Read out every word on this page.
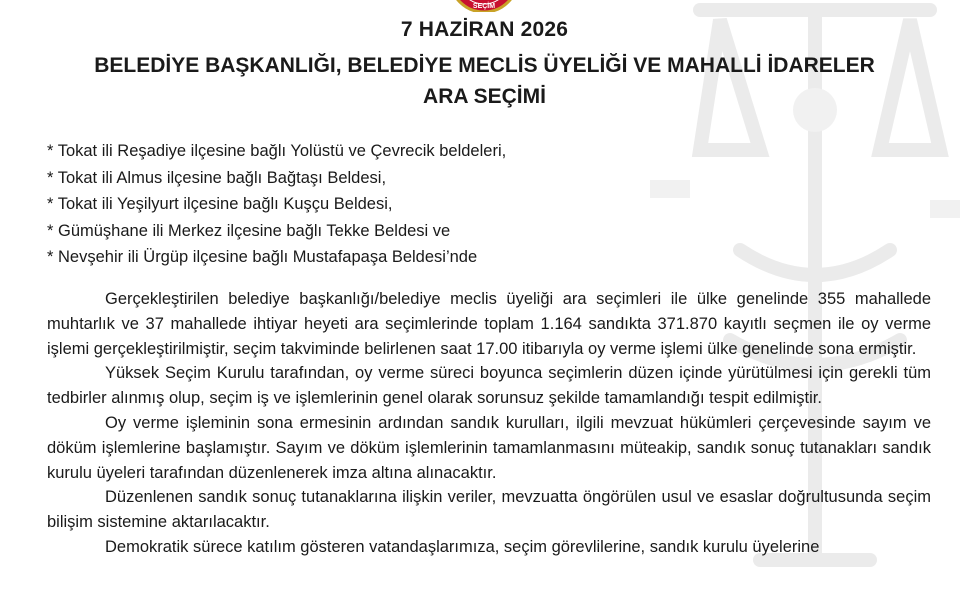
SEÇİM
7 HAZİRAN 2026
BELEDİYE BAŞKANLIĞI, BELEDİYE MECLİS ÜYELİĞİ VE MAHALLİ İDARELER
ARA SEÇİMİ
* Tokat ili Reşadiye ilçesine bağlı Yolüstü ve Çevrecik beldeleri,
* Tokat ili Almus ilçesine bağlı Bağtaşı Beldesi,
* Tokat ili Yeşilyurt ilçesine bağlı Kuşçu Beldesi,
* Gümüşhane ili Merkez ilçesine bağlı Tekke Beldesi ve
* Nevşehir ili Ürgüp ilçesine bağlı Mustafapaşa Beldesi’nde

Gerçekleştirilen belediye başkanlığı/belediye meclis üyeliği ara seçimleri ile ülke genelinde 355 mahallede muhtarlık ve 37 mahallede ihtiyar heyeti ara seçimlerinde toplam 1.164 sandıkta 371.870 kayıtlı seçmen ile oy verme işlemi gerçekleştirilmiştir, seçim takviminde belirlenen saat 17.00 itibarıyla oy verme işlemi ülke genelinde sona ermiştir.

Yüksek Seçim Kurulu tarafından, oy verme süreci boyunca seçimlerin düzen içinde yürütülmesi için gerekli tüm tedbirler alınmış olup, seçim iş ve işlemlerinin genel olarak sorunsuz şekilde tamamlandığı tespit edilmiştir.

Oy verme işleminin sona ermesinin ardından sandık kurulları, ilgili mevzuat hükümleri çerçevesinde sayım ve döküm işlemlerine başlamıştır. Sayım ve döküm işlemlerinin tamamlanmasını müteakip, sandık sonuç tutanakları sandık kurulu üyeleri tarafından düzenlenerek imza altına alınacaktır.

Düzenlenen sandık sonuç tutanaklarına ilişkin veriler, mevzuatta öngörülen usul ve esaslar doğrultusunda seçim bilişim sistemine aktarılacaktır.

Demokratik sürece katılım gösteren vatandaşlarımıza, seçim görevlilerine, sandık kurulu üyelerine
